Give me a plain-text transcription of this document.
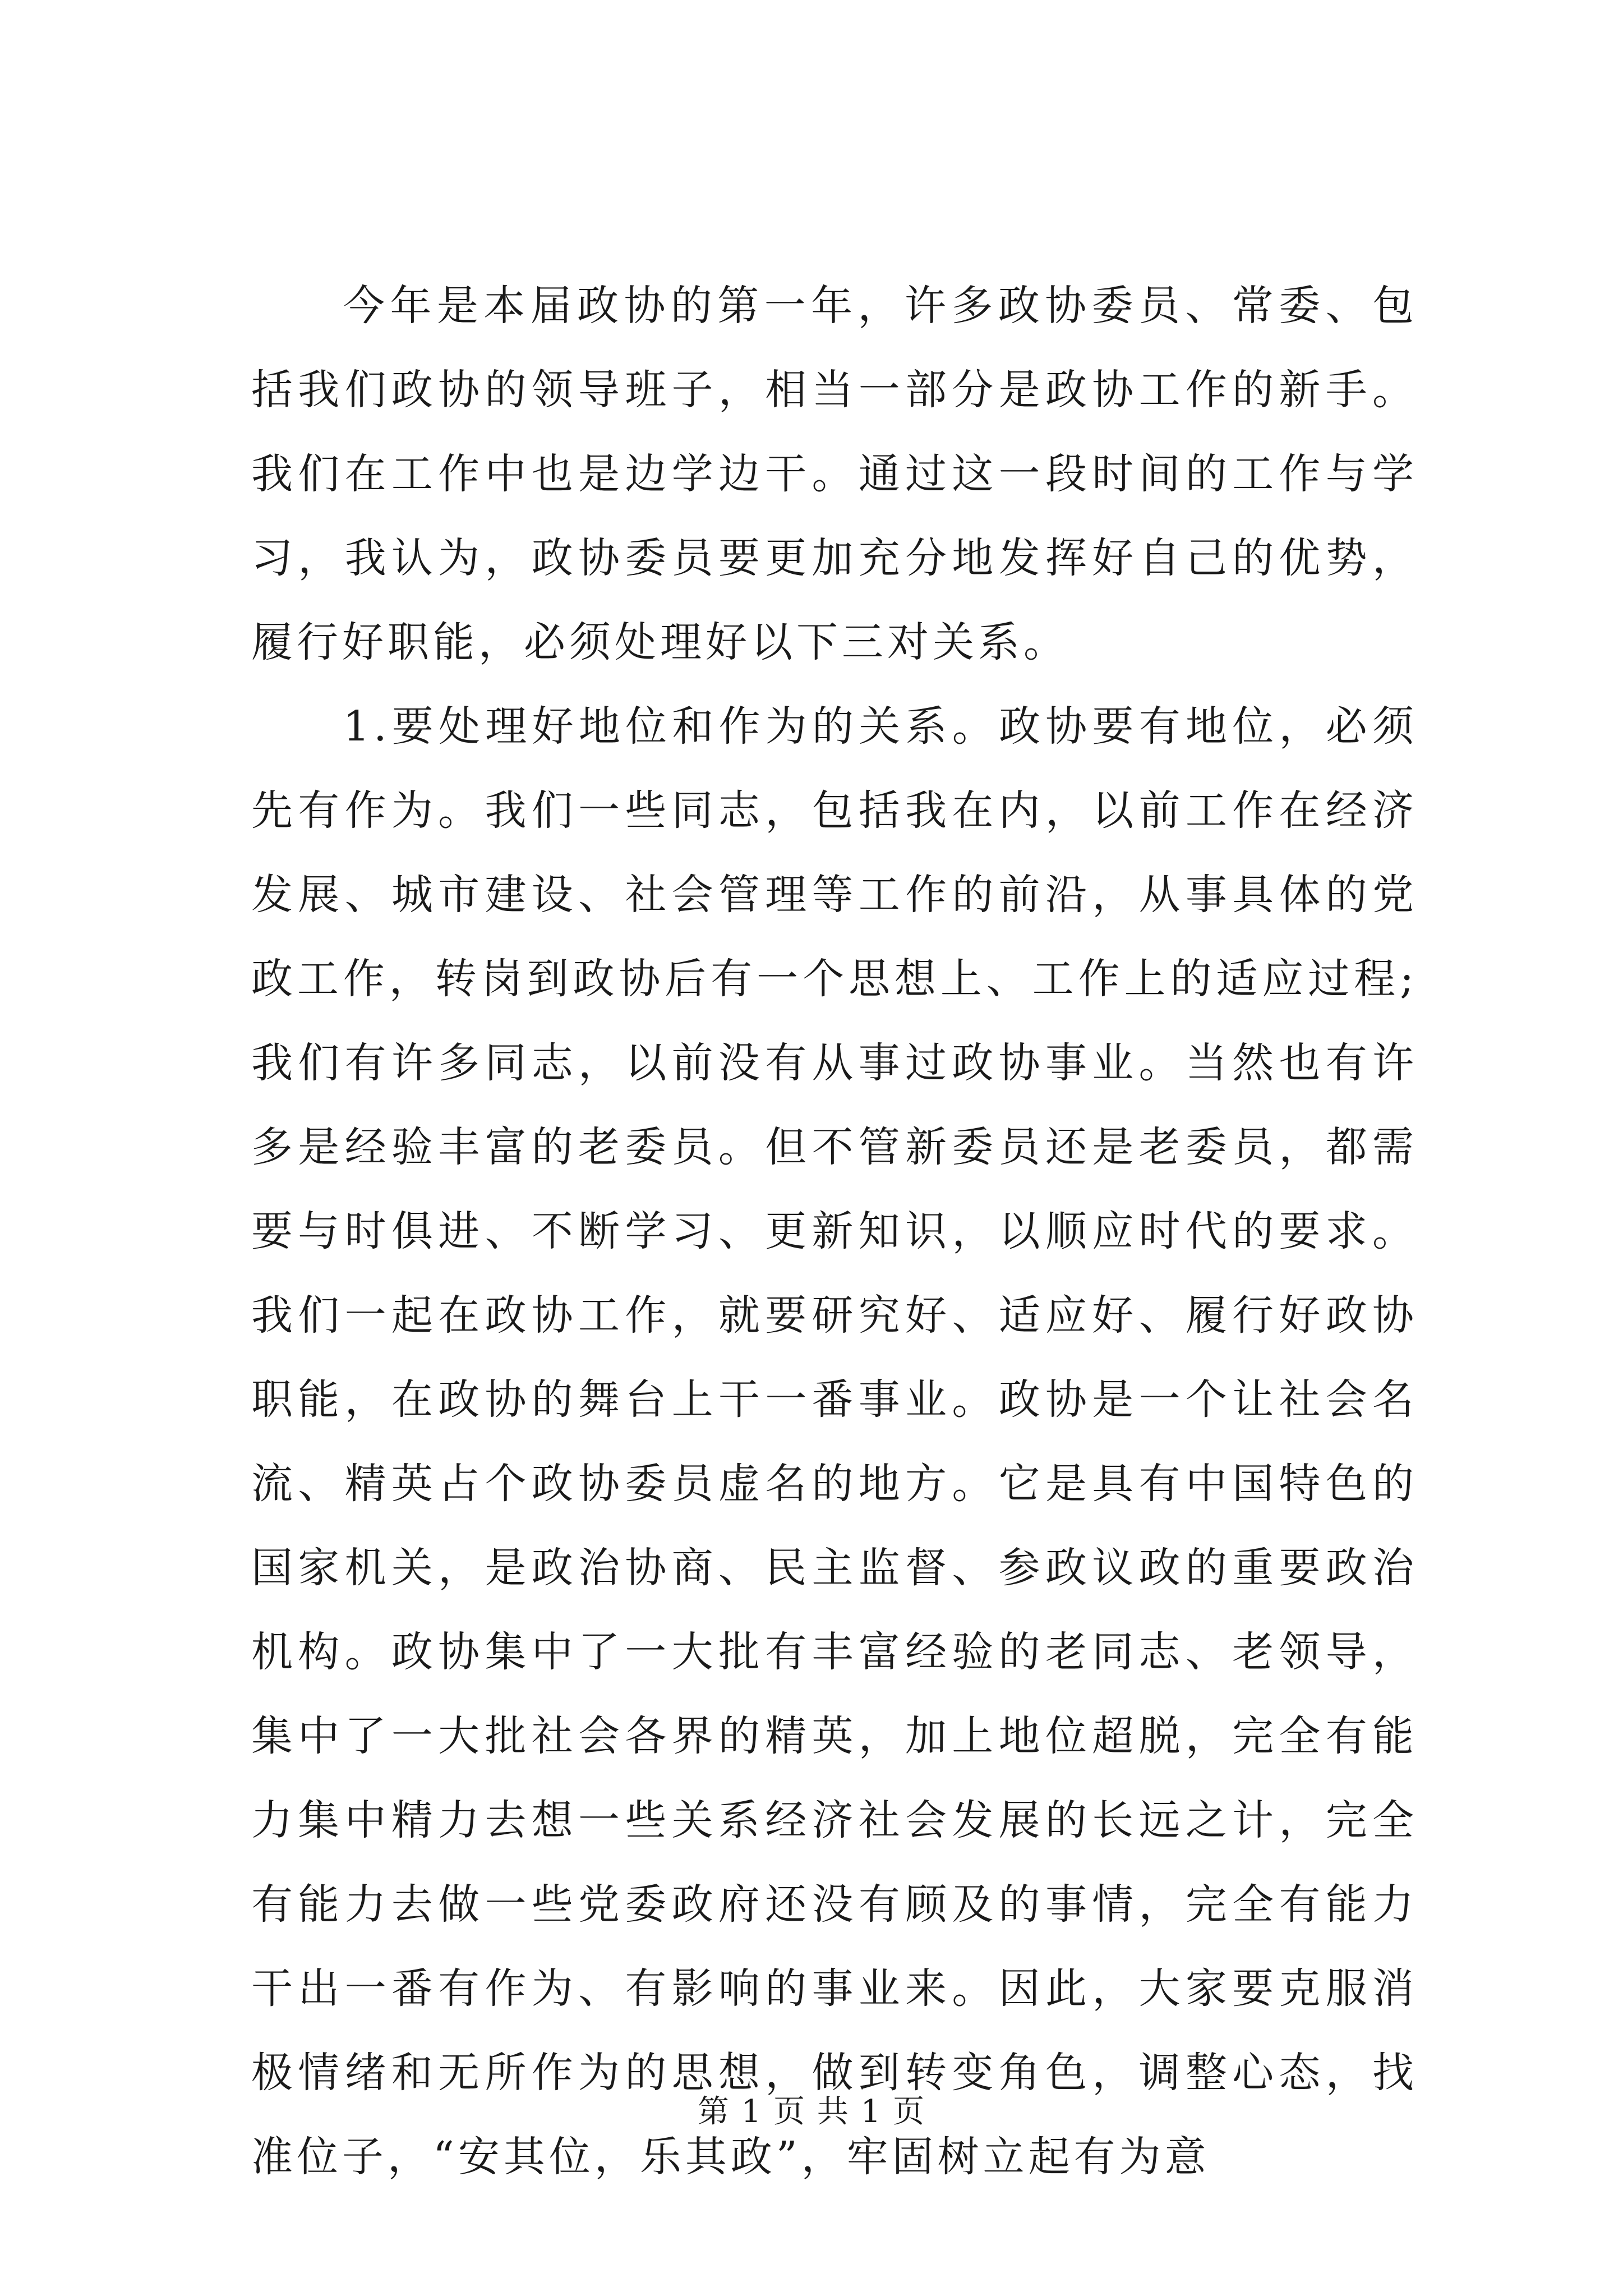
今年是本届政协的第一年，许多政协委员、常委、包括我们政协的领导班子，相当一部分是政协工作的新手。我们在工作中也是边学边干。通过这一段时间的工作与学习，我认为，政协委员要更加充分地发挥好自己的优势，履行好职能，必须处理好以下三对关系。

1.要处理好地位和作为的关系。政协要有地位，必须先有作为。我们一些同志，包括我在内，以前工作在经济发展、城市建设、社会管理等工作的前沿，从事具体的党政工作，转岗到政协后有一个思想上、工作上的适应过程;我们有许多同志，以前没有从事过政协事业。当然也有许多是经验丰富的老委员。但不管新委员还是老委员，都需要与时俱进、不断学习、更新知识，以顺应时代的要求。我们一起在政协工作，就要研究好、适应好、履行好政协职能，在政协的舞台上干一番事业。政协是一个让社会名流、精英占个政协委员虚名的地方。它是具有中国特色的国家机关，是政治协商、民主监督、参政议政的重要政治机构。政协集中了一大批有丰富经验的老同志、老领导，集中了一大批社会各界的精英，加上地位超脱，完全有能力集中精力去想一些关系经济社会发展的长远之计，完全有能力去做一些党委政府还没有顾及的事情，完全有能力干出一番有作为、有影响的事业来。因此，大家要克服消极情绪和无所作为的思想，做到转变角色，调整心态，找准位子，“安其位，乐其政”，牢固树立起有为意

第 1 页 共 1 页
